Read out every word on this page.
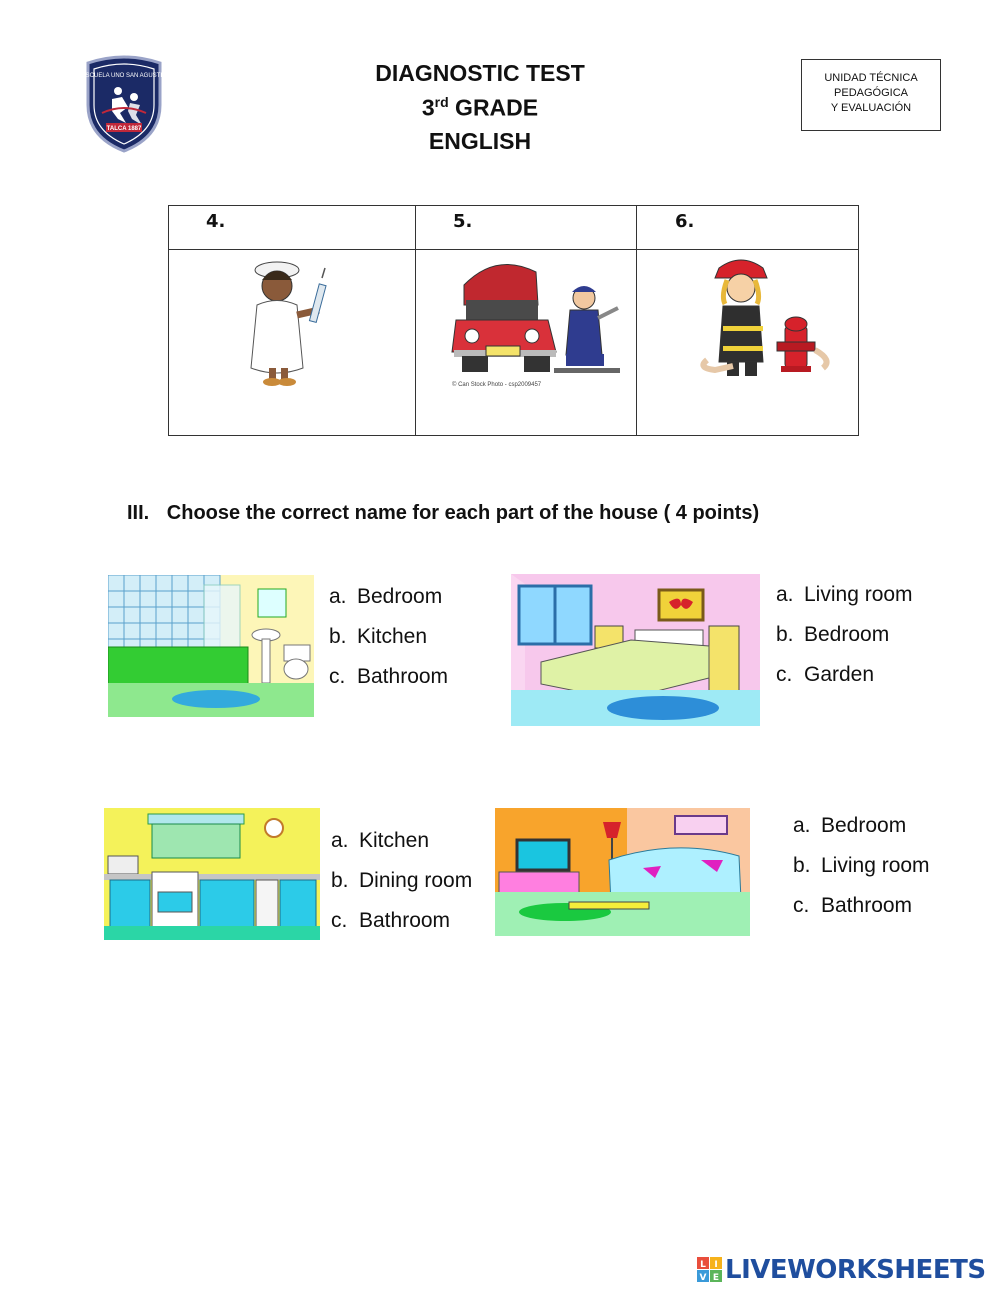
ESCUELA UNO SAN AGUSTIN
TALCA 1887
DIAGNOSTIC TEST
3rd GRADE
ENGLISH
UNIDAD TÉCNICA
PEDAGÓGICA
Y EVALUACIÓN
4.	5.	6.

© Can Stock Photo - csp2009457

III. Choose the correct name for each part of the house ( 4 points)
a. Bedroom
b. Kitchen
c. Bathroom
a. Living room
b. Bedroom
c. Garden
a. Kitchen
b. Dining room
c. Bathroom
a. Bedroom
b. Living room
c. Bathroom
L I
V E LIVEWORKSHEETS
